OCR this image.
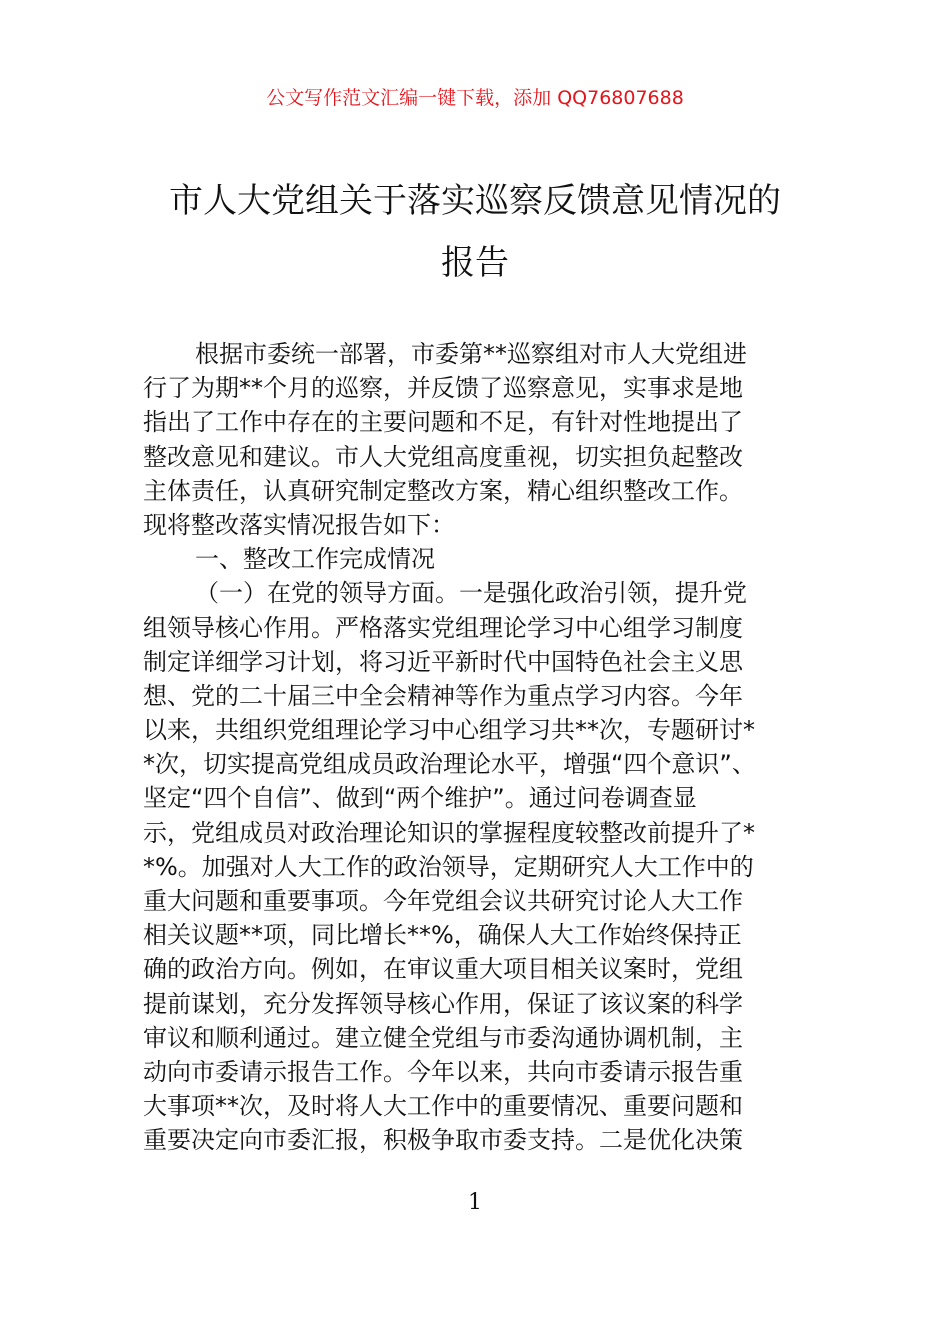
公文写作范文汇编一键下载，添加 QQ76807688
市人大党组关于落实巡察反馈意见情况的
报告
根据市委统一部署，市委第**巡察组对市人大党组进
行了为期**个月的巡察，并反馈了巡察意见，实事求是地
指出了工作中存在的主要问题和不足，有针对性地提出了
整改意见和建议。市人大党组高度重视，切实担负起整改
主体责任，认真研究制定整改方案，精心组织整改工作。
现将整改落实情况报告如下：
一、整改工作完成情况
（一）在党的领导方面。一是强化政治引领，提升党
组领导核心作用。严格落实党组理论学习中心组学习制度
制定详细学习计划，将习近平新时代中国特色社会主义思
想、党的二十届三中全会精神等作为重点学习内容。今年
以来，共组织党组理论学习中心组学习共**次，专题研讨*
*次，切实提高党组成员政治理论水平，增强“四个意识”、
坚定“四个自信”、做到“两个维护”。通过问卷调查显
示，党组成员对政治理论知识的掌握程度较整改前提升了*
*%。加强对人大工作的政治领导，定期研究人大工作中的
重大问题和重要事项。今年党组会议共研究讨论人大工作
相关议题**项，同比增长**%，确保人大工作始终保持正
确的政治方向。例如，在审议重大项目相关议案时，党组
提前谋划，充分发挥领导核心作用，保证了该议案的科学
审议和顺利通过。建立健全党组与市委沟通协调机制，主
动向市委请示报告工作。今年以来，共向市委请示报告重
大事项**次，及时将人大工作中的重要情况、重要问题和
重要决定向市委汇报，积极争取市委支持。二是优化决策
1
